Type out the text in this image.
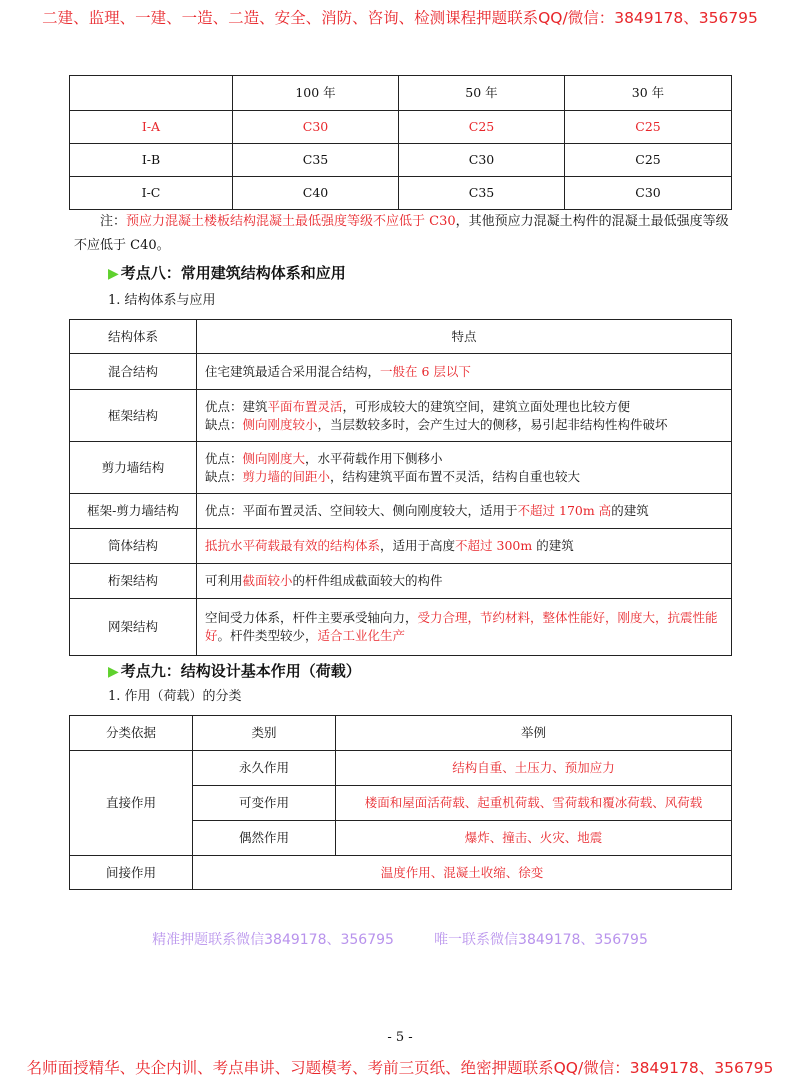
二建、监理、一建、一造、二造、安全、消防、咨询、检测课程押题联系QQ/微信：3849178、356795
	100 年	50 年	30 年
I-A	C30	C25	C25
I-B	C35	C30	C25
I-C	C40	C35	C30
注：预应力混凝土楼板结构混凝土最低强度等级不应低于 C30，其他预应力混凝土构件的混凝土最低强度等级不应低于 C40。
▶ 考点八：常用建筑结构体系和应用
1. 结构体系与应用
结构体系	特点
混合结构	住宅建筑最适合采用混合结构，一般在 6 层以下

框架结构	优点：建筑平面布置灵活，可形成较大的建筑空间，建筑立面处理也比较方便
缺点：侧向刚度较小，当层数较多时，会产生过大的侧移，易引起非结构性构件破坏

剪力墙结构	优点：侧向刚度大，水平荷载作用下侧移小
缺点：剪力墙的间距小，结构建筑平面布置不灵活，结构自重也较大

框架-剪力墙结构	优点：平面布置灵活、空间较大、侧向刚度较大，适用于不超过 170m 高的建筑

筒体结构	抵抗水平荷载最有效的结构体系，适用于高度不超过 300m 的建筑

桁架结构	可利用截面较小的杆件组成截面较大的构件

网架结构	空间受力体系，杆件主要承受轴向力，受力合理，节约材料，整体性能好，刚度大，抗震性能好。杆件类型较少，适合工业化生产
▶ 考点九：结构设计基本作用（荷载）
1. 作用（荷载）的分类
分类依据	类别	举例
直接作用	永久作用	结构自重、土压力、预加应力
	可变作用	楼面和屋面活荷载、起重机荷载、雪荷载和覆冰荷载、风荷载
	偶然作用	爆炸、撞击、火灾、地震
间接作用	温度作用、混凝土收缩、徐变	
精准押题联系微信3849178、356795	唯一联系微信3849178、356795
- 5 -
名师面授精华、央企内训、考点串讲、习题模考、考前三页纸、绝密押题联系QQ/微信：3849178、356795
